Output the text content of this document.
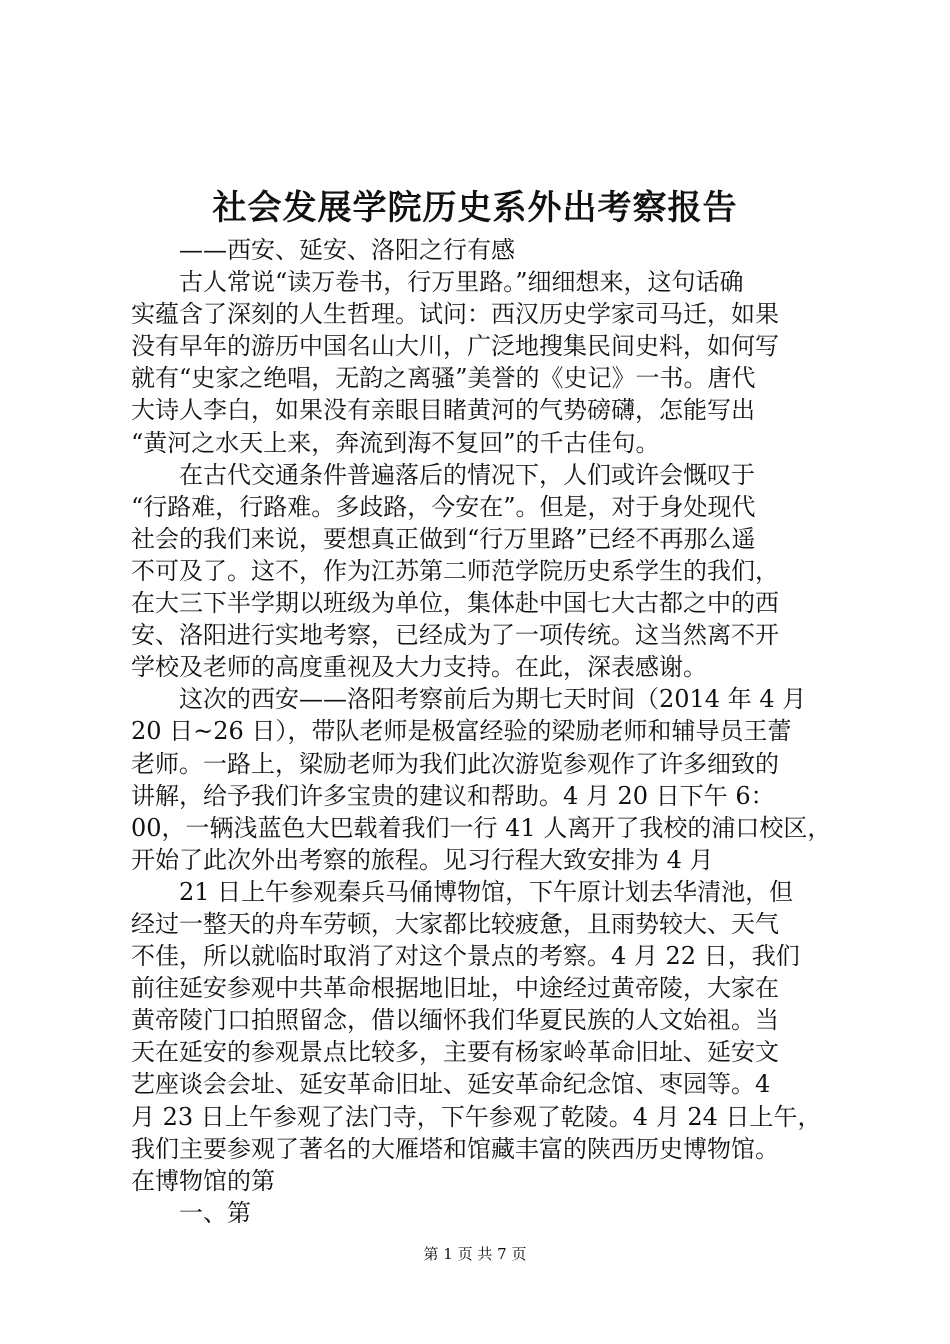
社会发展学院历史系外出考察报告
——西安、延安、洛阳之行有感
古人常说“读万卷书，行万里路。”细细想来，这句话确
实蕴含了深刻的人生哲理。试问：西汉历史学家司马迁，如果
没有早年的游历中国名山大川，广泛地搜集民间史料，如何写
就有“史家之绝唱，无韵之离骚”美誉的《史记》一书。唐代
大诗人李白，如果没有亲眼目睹黄河的气势磅礴，怎能写出
“黄河之水天上来，奔流到海不复回”的千古佳句。
在古代交通条件普遍落后的情况下，人们或许会慨叹于
“行路难，行路难。多歧路，今安在”。但是，对于身处现代
社会的我们来说，要想真正做到“行万里路”已经不再那么遥
不可及了。这不，作为江苏第二师范学院历史系学生的我们，
在大三下半学期以班级为单位，集体赴中国七大古都之中的西
安、洛阳进行实地考察，已经成为了一项传统。这当然离不开
学校及老师的高度重视及大力支持。在此，深表感谢。
这次的西安——洛阳考察前后为期七天时间（2014 年 4 月
20 日~26 日），带队老师是极富经验的梁励老师和辅导员王蕾
老师。一路上，梁励老师为我们此次游览参观作了许多细致的
讲解，给予我们许多宝贵的建议和帮助。4 月 20 日下午 6：
00，一辆浅蓝色大巴载着我们一行 41 人离开了我校的浦口校区，
开始了此次外出考察的旅程。见习行程大致安排为 4 月
21 日上午参观秦兵马俑博物馆，下午原计划去华清池，但
经过一整天的舟车劳顿，大家都比较疲惫，且雨势较大、天气
不佳，所以就临时取消了对这个景点的考察。4 月 22 日，我们
前往延安参观中共革命根据地旧址，中途经过黄帝陵，大家在
黄帝陵门口拍照留念，借以缅怀我们华夏民族的人文始祖。当
天在延安的参观景点比较多，主要有杨家岭革命旧址、延安文
艺座谈会会址、延安革命旧址、延安革命纪念馆、枣园等。4
月 23 日上午参观了法门寺，下午参观了乾陵。4 月 24 日上午，
我们主要参观了著名的大雁塔和馆藏丰富的陕西历史博物馆。
在博物馆的第
一、第
第 1 页 共 7 页
